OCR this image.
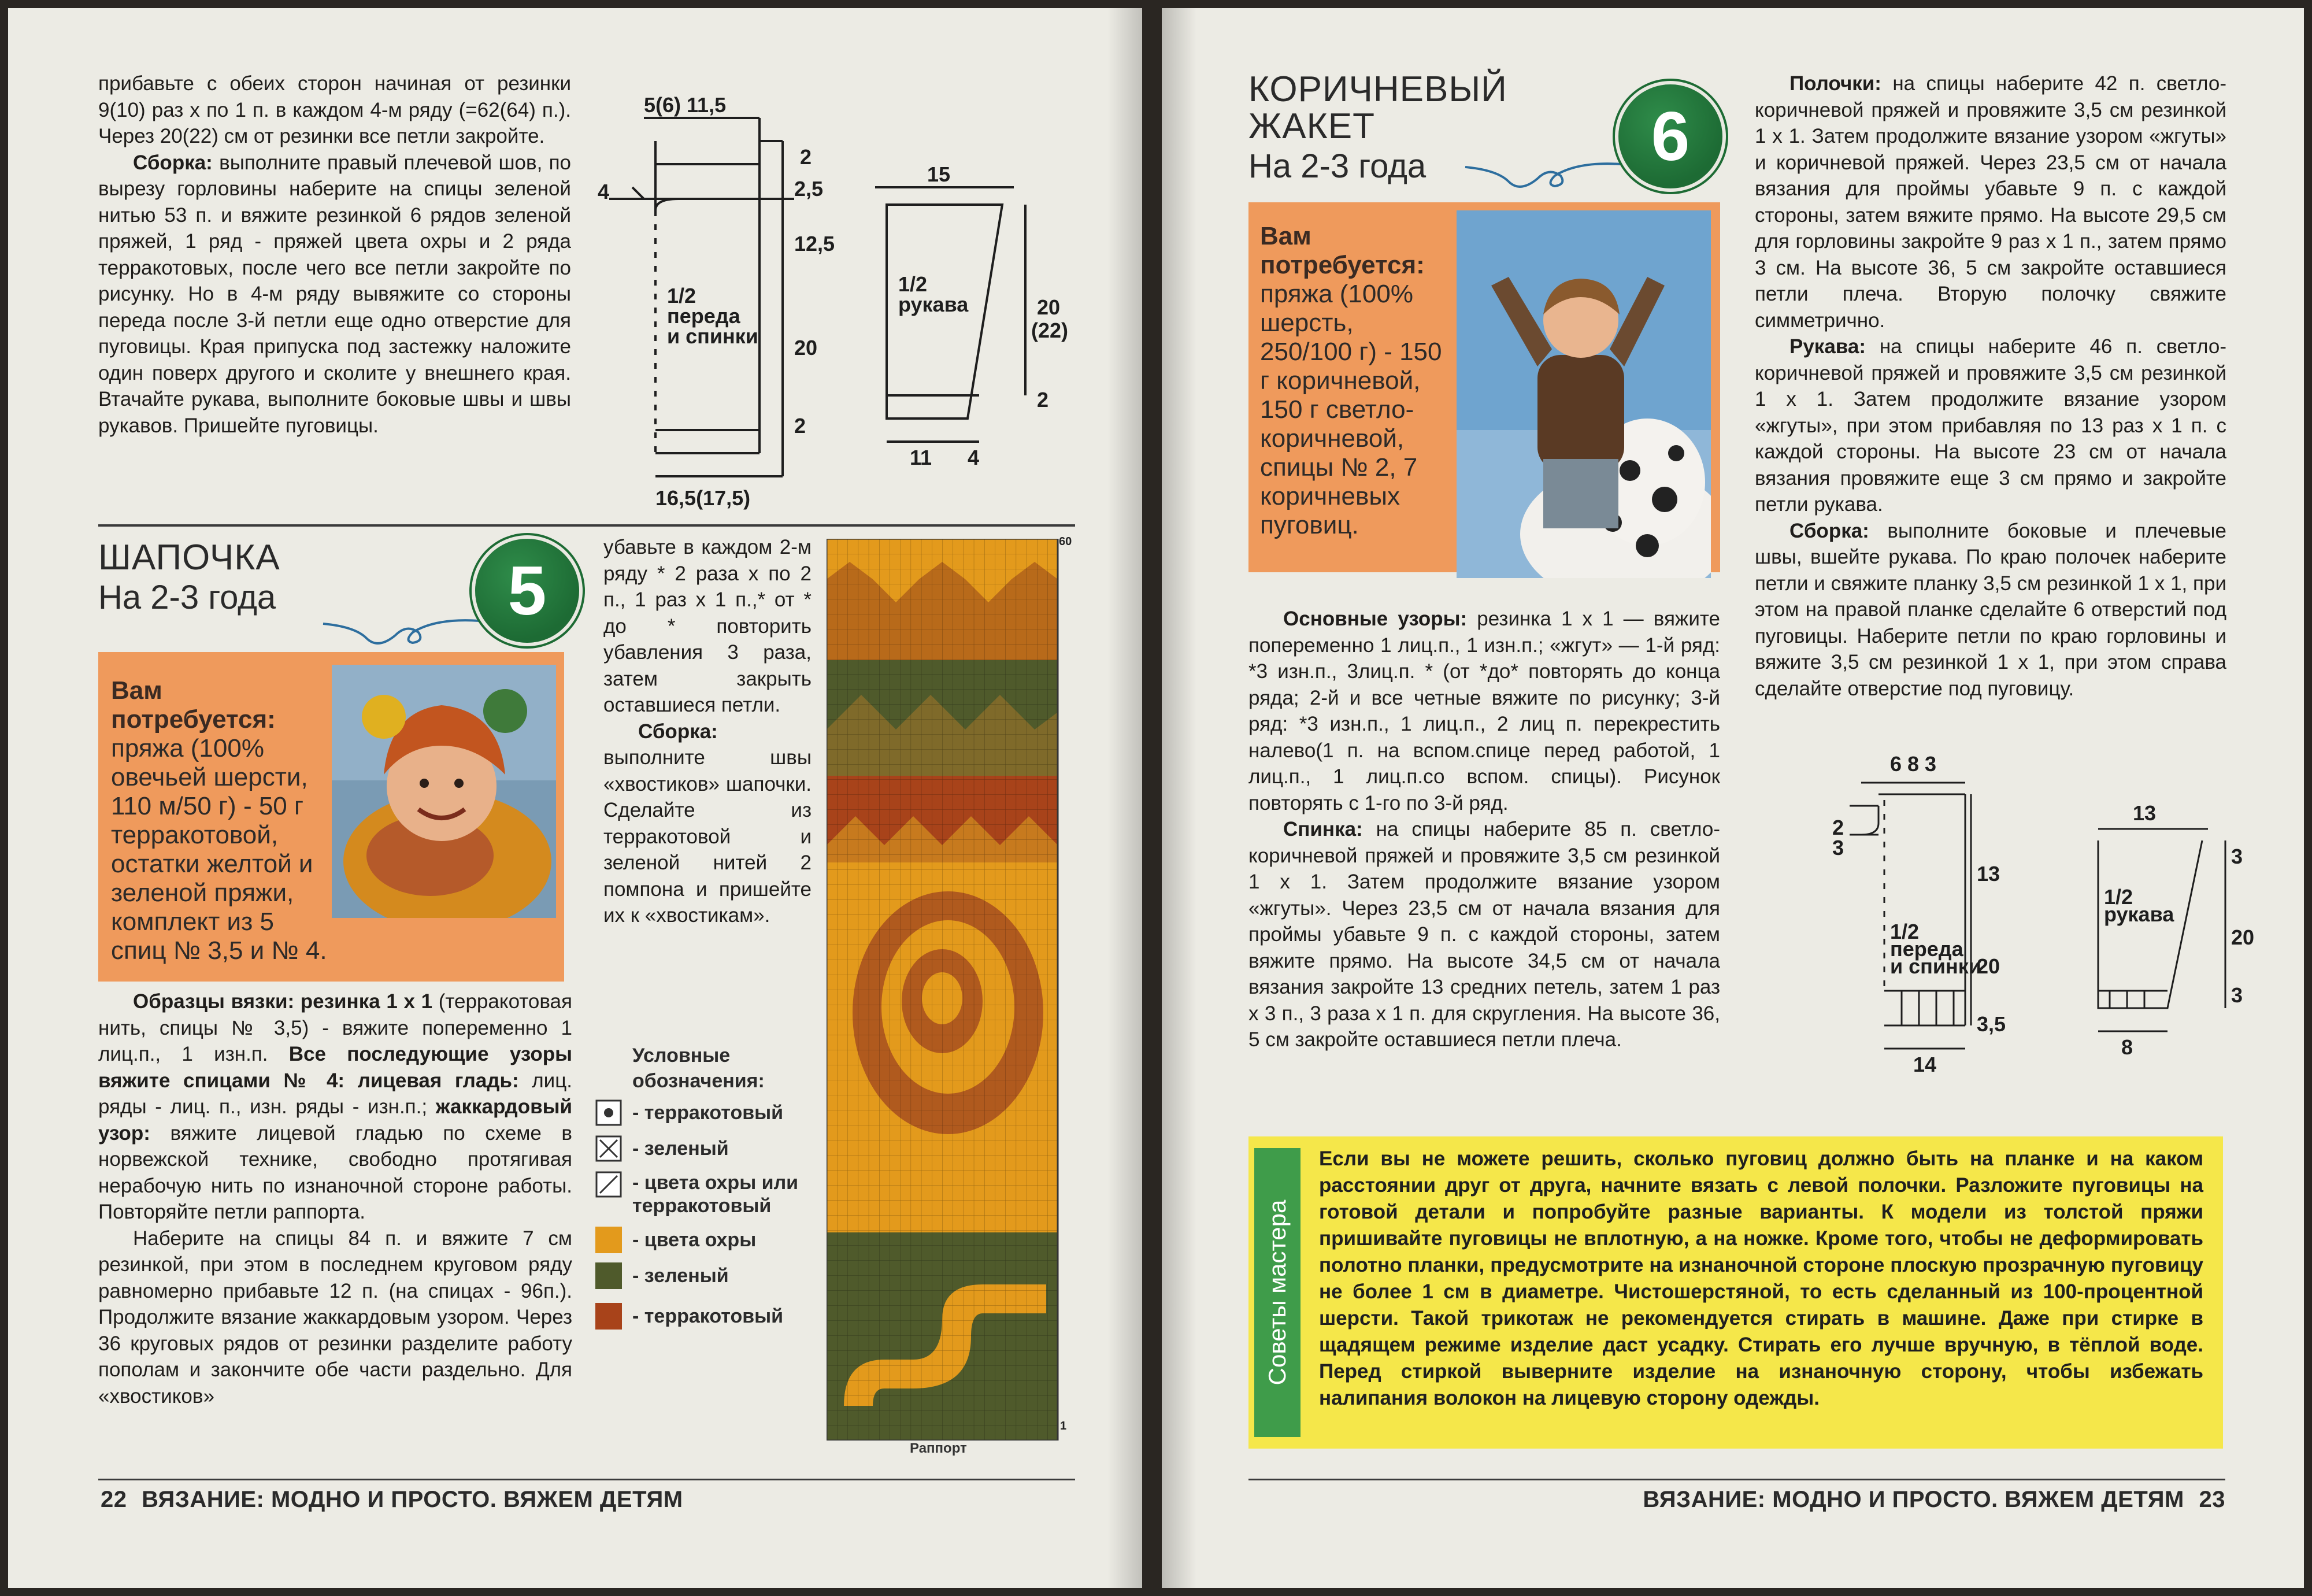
прибавьте с обеих сторон начиная от резинки 9(10) раз х по 1 п. в каждом 4-м ряду (=62(64) п.). Через 20(22) см от резинки все петли закройте.

Сборка: выполните правый плечевой шов, по вырезу горловины наберите на спицы зеленой нитью 53 п. и вяжите резинкой 6 рядов зеленой пряжей, 1 ряд - пряжей цвета охры и 2 ряда терракотовых, после чего все петли закройте по рисунку. Но в 4-м ряду вывяжите со стороны переда после 3-й петли еще одно отверстие для пуговицы. Края припуска под застежку наложите один поверх другого и сколите у внешнего края. Втачайте рукава, выполните боковые швы и швы рукавов. Пришейте пуговицы.

5(6) 11,5
4
2
2,5
12,5
20
2
16,5(17,5)
1/2
переда
и спинки
15
1/2
рукава	20
(22)
2
11 4
ШАПОЧКА
На 2-3 года	5
Вам потребуется: пряжа (100% овечьей шерсти, 110 м/50 г) - 50 г терракотовой, остатки желтой и зеленой пряжи, комплект из 5 спиц № 3,5 и № 4.

Образцы вязки: резинка 1 х 1 (терракотовая нить, спицы № 3,5) - вяжите попеременно 1 лиц.п., 1 изн.п. Все последующие узоры вяжите спицами № 4: лицевая гладь: лиц. ряды - лиц. п., изн. ряды - изн.п.; жаккардовый узор: вяжите лицевой гладью по схеме в норвежской технике, свободно протягивая нерабочую нить по изнаночной стороне работы. Повторяйте петли раппорта.

Наберите на спицы 84 п. и вяжите 7 см резинкой, при этом в последнем круговом ряду равномерно прибавьте 12 п. (на спицах - 96п.). Продолжите вязание жаккардовым узором. Через 36 круговых рядов от резинки разделите работу пополам и закончите обе части раздельно. Для «хвостиков»

убавьте в каждом 2-м ряду * 2 раза х по 2 п., 1 раз х 1 п.,* от * до * повторить убавления 3 раза, затем закрыть оставшиеся петли.

Сборка: выполните швы «хвостиков» шапочки. Сделайте из терракотовой и зеленой нитей 2 помпона и пришейте их к «хвостикам».

Условные обозначения:
- терракотовый
- зеленый
- цвета охры или терракотовый
- цвета охры
- зеленый
- терракотовый
60
1
Раппорт
22 ВЯЗАНИЕ: МОДНО И ПРОСТО. ВЯЖЕМ ДЕТЯМ
КОРИЧНЕВЫЙ
ЖАКЕТ
На 2-3 года	6
Вам потребуется: пряжа (100% шерсть, 250/100 г) - 150 г коричневой, 150 г светло-коричневой, спицы № 2, 7 коричневых пуговиц.

Основные узоры: резинка 1 х 1 — вяжите попеременно 1 лиц.п., 1 изн.п.; «жгут» — 1-й ряд: *3 изн.п., 3лиц.п. * (от *до* повторять до конца ряда; 2-й и все четные вяжите по рисунку; 3-й ряд: *3 изн.п., 1 лиц.п., 2 лиц п. перекрестить налево(1 п. на вспом.спице перед работой, 1 лиц.п., 1 лиц.п.со вспом. спицы). Рисунок повторять с 1-го по 3-й ряд.

Спинка: на спицы наберите 85 п. светло-коричневой пряжей и провяжите 3,5 см резинкой 1 х 1. Затем продолжите вязание узором «жгуты». Через 23,5 см от начала вязания для проймы убавьте 9 п. с каждой стороны, затем вяжите прямо. На высоте 34,5 см от начала вязания закройте 13 средних петель, затем 1 раз х 3 п., 3 раза х 1 п. для скругления. На высоте 36, 5 см закройте оставшиеся петли плеча.

Полочки: на спицы наберите 42 п. светло-коричневой пряжей и провяжите 3,5 см резинкой 1 х 1. Затем продолжите вязание узором «жгуты» и коричневой пряжей. Через 23,5 см от начала вязания для проймы убавьте 9 п. с каждой стороны, затем вяжите прямо. На высоте 29,5 см для горловины закройте 9 раз х 1 п., затем прямо 3 см. На высоте 36, 5 см закройте оставшиеся петли плеча. Вторую полочку свяжите симметрично.

Рукава: на спицы наберите 46 п. светло-коричневой пряжей и провяжите 3,5 см резинкой 1 х 1. Затем продолжите вязание узором «жгуты», при этом прибавляя по 13 раз х 1 п. с каждой стороны. На высоте 23 см от начала вязания провяжите еще 3 см прямо и закройте петли рукава.

Сборка: выполните боковые и плечевые швы, вшейте рукава. По краю полочек наберите петли и свяжите планку 3,5 см резинкой 1 х 1, при этом на правой планке сделайте 6 отверстий под пуговицы. Наберите петли по краю горловины и вяжите 3,5 см резинкой 1 х 1, при этом справа сделайте отверстие под пуговицу.

6 8 3
2
3
13
20
3,5
14
1/2
переда
и спинки
13
1/2
рукава
3
20
3
8
Советы мастера
Если вы не можете решить, сколько пуговиц должно быть на планке и на каком расстоянии друг от друга, начните вязать с левой полочки. Разложите пуговицы на готовой детали и попробуйте разные варианты. К модели из толстой пряжи пришивайте пуговицы не вплотную, а на ножке. Кроме того, чтобы не деформировать полотно планки, предусмотрите на изнаночной стороне плоскую прозрачную пуговицу не более 1 см в диаметре. Чистошерстяной, то есть сделанный из 100-процентной шерсти. Такой трикотаж не рекомендуется стирать в машине. Даже при стирке в щадящем режиме изделие даст усадку. Стирать его лучше вручную, в тёплой воде. Перед стиркой выверните изделие на изнаночную сторону, чтобы избежать налипания волокон на лицевую сторону одежды.
ВЯЗАНИЕ: МОДНО И ПРОСТО. ВЯЖЕМ ДЕТЯМ 23
